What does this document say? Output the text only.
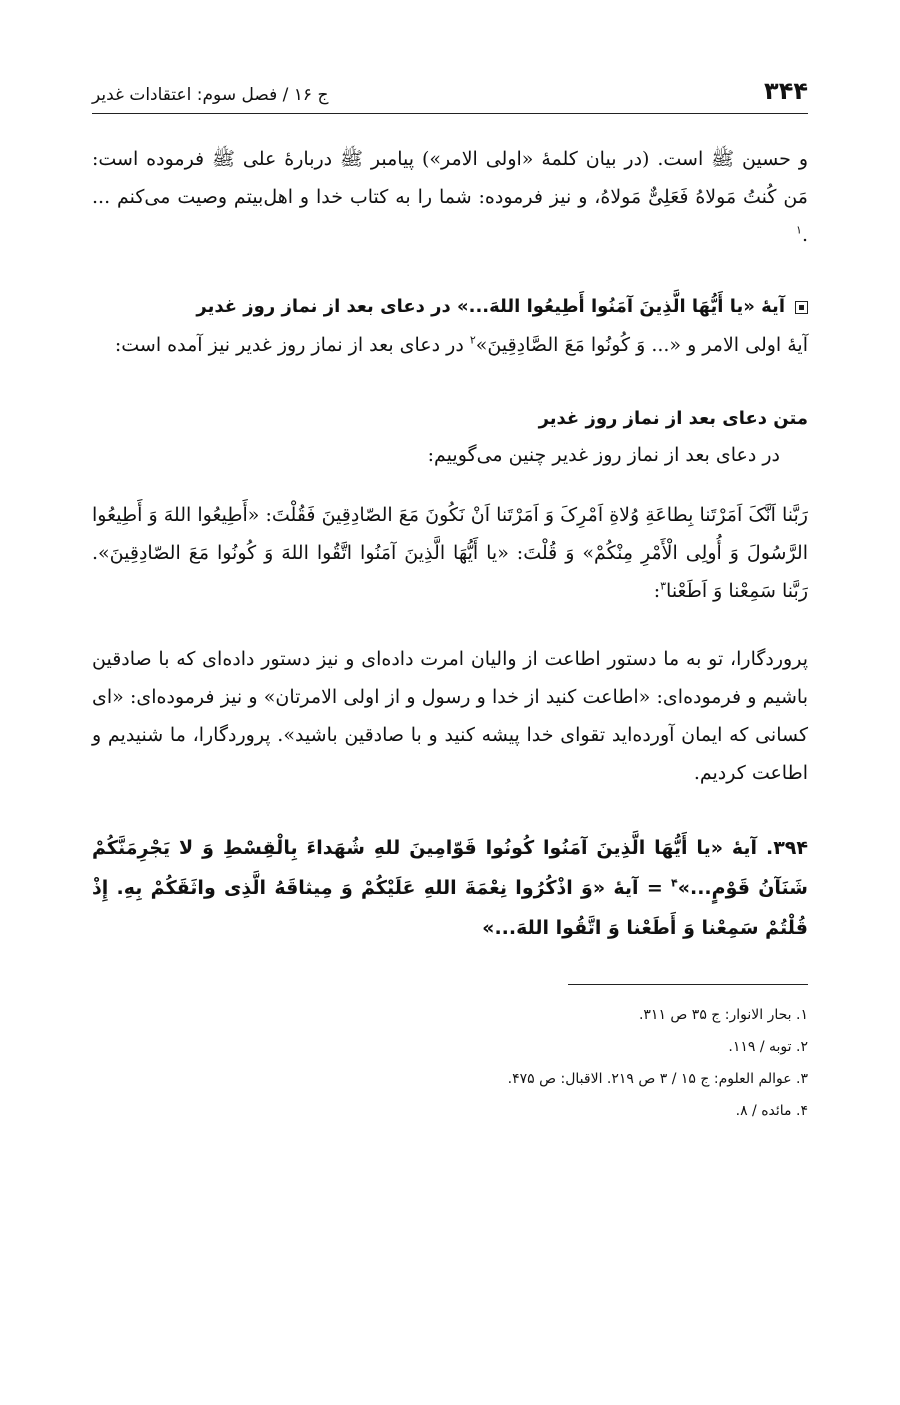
۳۴۴
ج ۱۶ / فصل سوم: اعتقادات غدیر

و حسین ﷺ است. (در بیان کلمهٔ «اولی الامر») پیامبر ﷺ دربارهٔ علی ﷺ فرموده است: مَن کُنتُ مَولاهُ فَعَلِیٌّ مَولاهُ، و نیز فرموده: شما را به کتاب خدا و اهل‌بیتم وصیت می‌کنم ... .$^۱$

آیهٔ «یا أَیُّهَا الَّذِینَ آمَنُوا أَطِیعُوا اللهَ...» در دعای بعد از نماز روز غدیر

آیهٔ اولی الامر و «... وَ کُونُوا مَعَ الصَّادِقِینَ»$^۲$ در دعای بعد از نماز روز غدیر نیز آمده است:

متن دعای بعد از نماز روز غدیر

در دعای بعد از نماز روز غدیر چنین می‌گوییم:

رَبَّنا اَنَّکَ اَمَرْتَنا بِطاعَةِ وُلاةِ اَمْرِکَ وَ اَمَرْتَنا اَنْ نَکُونَ مَعَ الصّادِقِینَ فَقُلْتَ: «أَطِیعُوا اللهَ وَ أَطِیعُوا الرَّسُولَ وَ أُولِی الْأَمْرِ مِنْکُمْ» وَ قُلْتَ: «یا أَیُّهَا الَّذِینَ آمَنُوا اتَّقُوا اللهَ وَ کُونُوا مَعَ الصّادِقِینَ». رَبَّنا سَمِعْنا وَ اَطَعْنا$^۳$:

پروردگارا، تو به ما دستور اطاعت از والیان امرت داده‌ای و نیز دستور داده‌ای که با صادقین باشیم و فرموده‌ای: «اطاعت کنید از خدا و رسول و از اولی الامرتان» و نیز فرموده‌ای: «ای کسانی که ایمان آورده‌اید تقوای خدا پیشه کنید و با صادقین باشید». پروردگارا، ما شنیدیم و اطاعت کردیم.

۳۹۴. آیهٔ «یا أَیُّهَا الَّذِینَ آمَنُوا کُونُوا قَوّامِینَ للهِ شُهَداءَ بِالْقِسْطِ وَ لا یَجْرِمَنَّکُمْ شَنَآنُ قَوْمٍ...»$^۴$ = آیهٔ «وَ اذْکُرُوا نِعْمَةَ اللهِ عَلَیْکُمْ وَ مِیثاقَهُ الَّذِی واثَقَکُمْ بِهِ. إِذْ قُلْتُمْ سَمِعْنا وَ أَطَعْنا وَ اتَّقُوا اللهَ...»

۱. بحار الانوار: ج ۳۵ ص ۳۱۱.
۲. توبه / ۱۱۹.
۳. عوالم العلوم: ج ۱۵ / ۳ ص ۲۱۹. الاقبال: ص ۴۷۵.
۴. مائده / ۸.
